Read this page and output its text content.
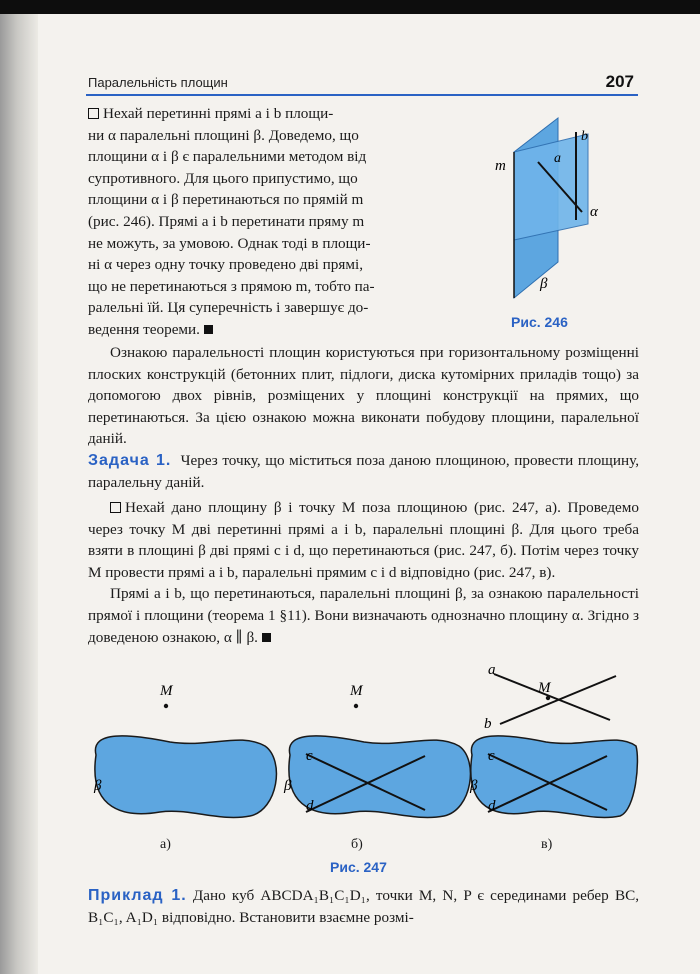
Паралельність площин	207
Нехай перетинні прямі a і b площи-
ни α паралельні площині β. Доведемо, що
площини α і β є паралельними методом від
супротивного. Для цього припустимо, що
площини α і β перетинаються по прямій m
(рис. 246). Прямі a і b перетинати пряму m
не можуть, за умовою. Однак тоді в площи-
ні α через одну точку проведено дві прямі,
що не перетинаються з прямою m, тобто па-
ралельні їй. Ця суперечність і завершує до-
ведення теореми.
m	a
b
α
β
Рис. 246

Ознакою паралельності площин користуються при горизонтальному розміщенні плоских конструкцій (бетонних плит, підлоги, дискa кутомірних приладів тощо) за допомогою двох рівнів, розміщених у площині конструкції на прямих, що перетинаються. За цією ознакою можна виконати побудову площини, паралельної даній.

Задача 1. Через точку, що міститься поза даною площиною, провести площину, паралельну даній.

Нехай дано площину β і точку M поза площиною (рис. 247, а). Проведемо через точку M дві перетинні прямі a і b, паралельні площині β. Для цього треба взяти в площині β дві прямі c і d, що перетинаються (рис. 247, б). Потім через точку M провести прямі a і b, паралельні прямим c і d відповідно (рис. 247, в).

Прямі a і b, що перетинаються, паралельні площині β, за ознакою паралельності прямої і площини (теорема 1 §11). Вони визначають однозначно площину α. Згідно з доведеною ознакою, α ∥ β.

M
β
M
β
c
d
M
a
b
β
c
d
а)	б)	в)
Рис. 247

Приклад 1. Дано куб ABCDA₁B₁C₁D₁, точки M, N, P є серединами ребер BC, B₁C₁, A₁D₁ відповідно. Встановити взаємне розмі-
